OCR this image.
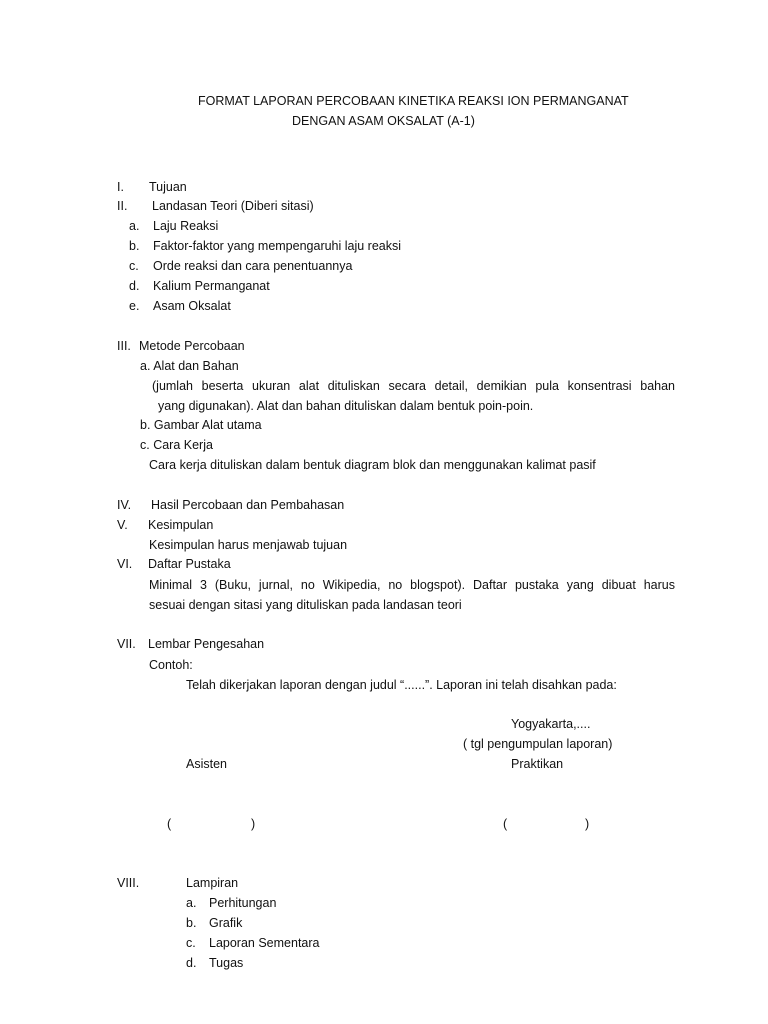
FORMAT LAPORAN PERCOBAAN KINETIKA REAKSI ION PERMANGANAT
DENGAN ASAM OKSALAT (A-1)
I. Tujuan
II. Landasan Teori (Diberi sitasi)
a. Laju Reaksi
b. Faktor-faktor yang mempengaruhi laju reaksi
c. Orde reaksi dan cara penentuannya
d. Kalium Permanganat
e. Asam Oksalat
III. Metode Percobaan
a. Alat dan Bahan
(jumlah beserta ukuran alat dituliskan secara detail, demikian pula konsentrasi bahan
yang digunakan). Alat dan bahan dituliskan dalam bentuk poin-poin.
b. Gambar Alat utama
c. Cara Kerja
Cara kerja dituliskan dalam bentuk diagram blok dan menggunakan kalimat pasif
IV. Hasil Percobaan dan Pembahasan
V. Kesimpulan
Kesimpulan harus menjawab tujuan
VI. Daftar Pustaka
Minimal 3 (Buku, jurnal, no Wikipedia, no blogspot). Daftar pustaka yang dibuat harus
sesuai dengan sitasi yang dituliskan pada landasan teori
VII. Lembar Pengesahan
Contoh:
Telah dikerjakan laporan dengan judul “......”. Laporan ini telah disahkan pada:
Yogyakarta,....
( tgl pengumpulan laporan)
Asisten	Praktikan
(	)	(	)
VIII.	Lampiran
a. Perhitungan
b. Grafik
c. Laporan Sementara
d. Tugas
